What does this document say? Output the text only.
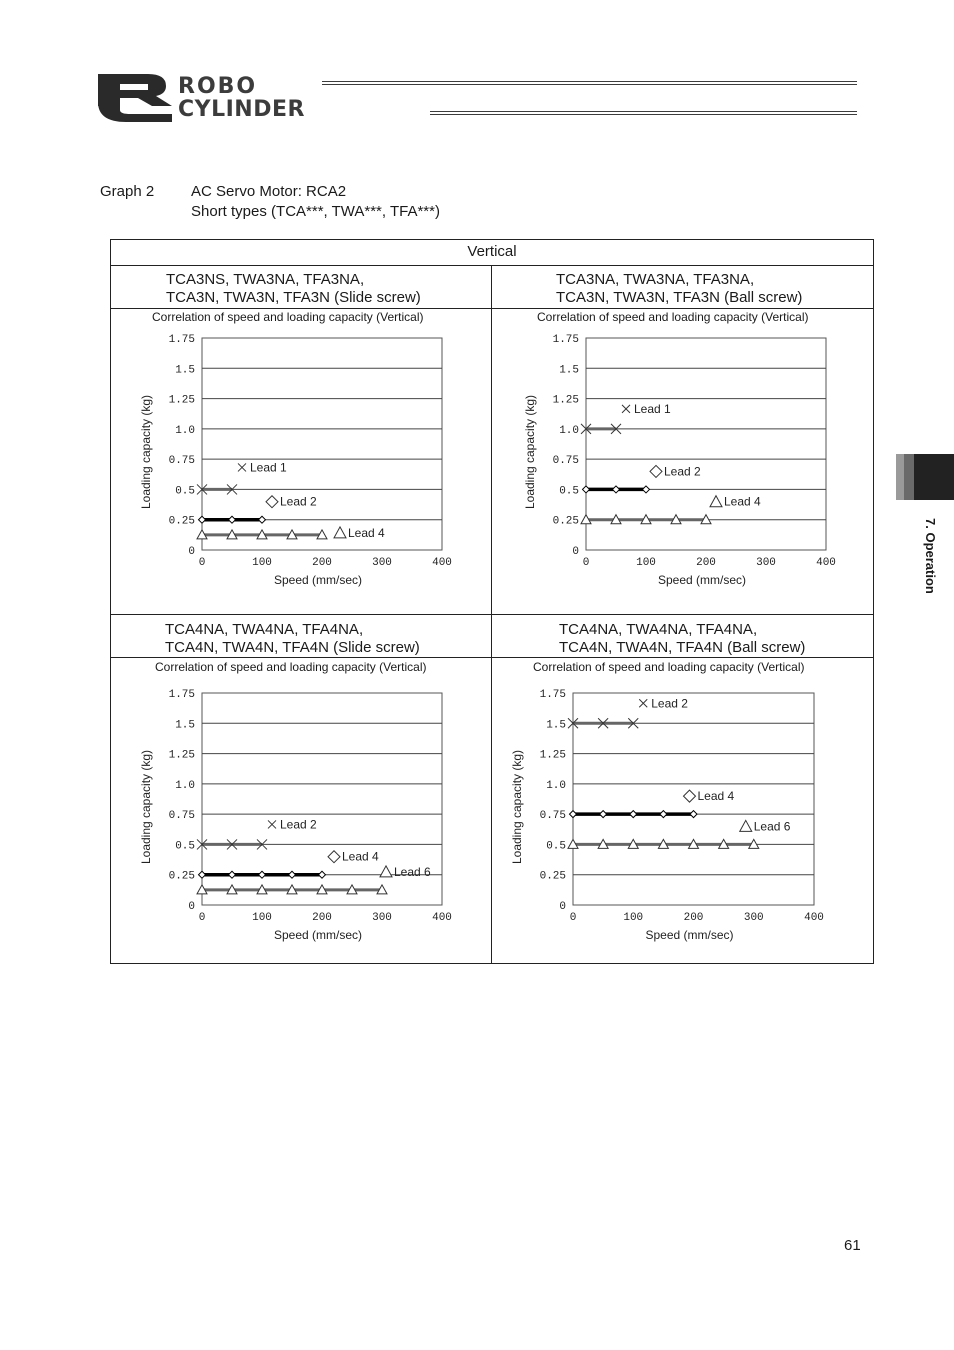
ROBO
CYLINDER
7. Operation
Graph 2 AC Servo Motor: RCA2
Short types (TCA***, TWA***, TFA***)
Vertical
TCA3NS, TWA3NA, TFA3NA,
TCA3N, TWA3N, TFA3N (Slide screw)
TCA3NA, TWA3NA, TFA3NA,
TCA3N, TWA3N, TFA3N (Ball screw)
TCA4NA, TWA4NA, TFA4NA,
TCA4N, TWA4N, TFA4N (Slide screw)
TCA4NA, TWA4NA, TFA4NA,
TCA4N, TWA4N, TFA4N (Ball screw)
Correlation of speed and loading capacity (Vertical)	Correlation of speed and loading capacity (Vertical)
Correlation of speed and loading capacity (Vertical)	Correlation of speed and loading capacity (Vertical)
0
0.25
0.5
0.75
1.0
1.25
1.5
1.75
0	100	200	300	400
Speed (mm/sec)
Loading capacity (kg)	Lead 1
Lead 2
Lead 4
0
0.25
0.5
0.75
1.0
1.25
1.5
1.75
0	100	200	300	400
Speed (mm/sec)
Loading capacity (kg)	Lead 1
Lead 2
Lead 4
0
0.25
0.5
0.75
1.0
1.25
1.5
1.75
0	100	200	300	400
Speed (mm/sec)
Loading capacity (kg)	Lead 2
Lead 4
Lead 6
0
0.25
0.5
0.75
1.0
1.25
1.5
1.75
0	100	200	300	400
Speed (mm/sec)
Loading capacity (kg)
Lead 2
Lead 4
Lead 6
61
